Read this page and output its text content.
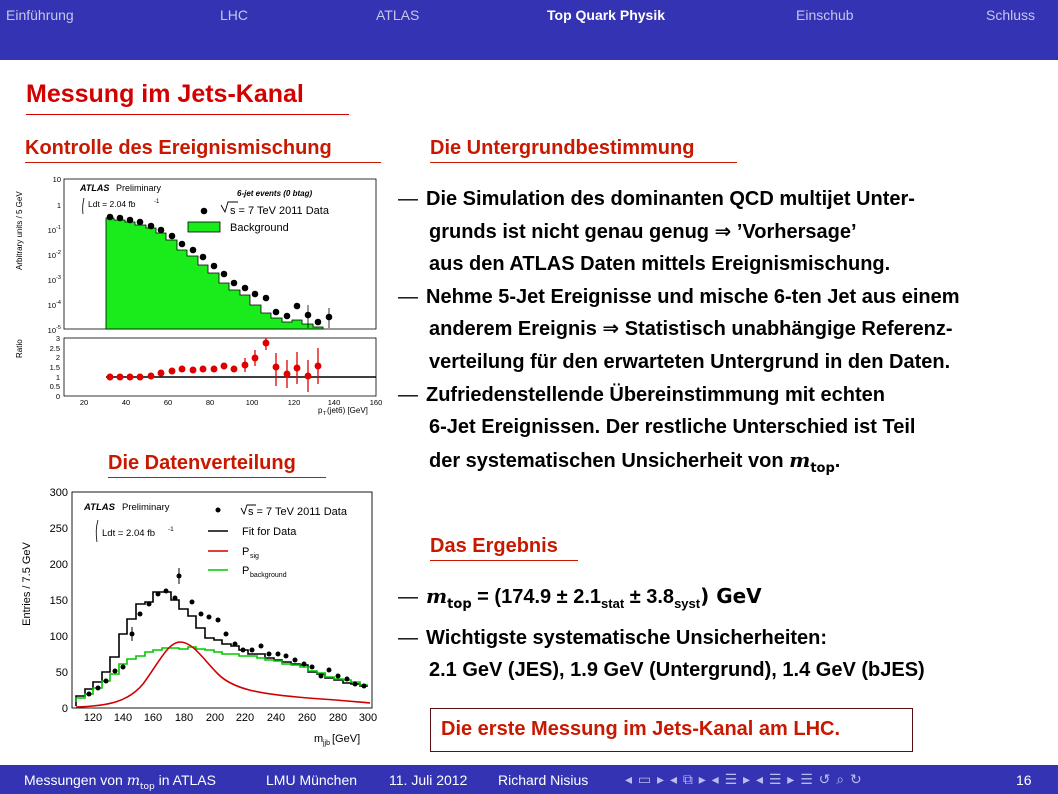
Einführung	LHC	ATLAS	Top Quark Physik	Einschub	Schluss
Messung im Jets-Kanal
Kontrolle des Ereignismischung
Die Datenverteilung
Die Untergrundbestimmung
Das Ergebnis
Arbitrary units / 5 GeV
Ratio
10
1
10
10
10
10
10
-1
-2
-3
-4
-5
ATLAS Preliminary
Ldt = 2.04 fb	-1
6-jet events (0 btag)
s = 7 TeV 2011 Data
Background
3
2.5
2
1.5
1
0.5
0
20	40	60	80	100	120	140	160
p T (jet6) [GeV]
Entries / 7.5 GeV
300
250
200
150
100
50
0
ATLAS Preliminary
Ldt = 2.04 fb -1
s = 7 TeV 2011 Data
Fit for Data
P sig
P background
120 140 160 180 200 220 240 260 280 300
m jjb [GeV]
— Die Simulation des dominanten QCD multijet Unter-
grunds ist nicht genau genug ⇒ ’Vorhersage’
aus den ATLAS Daten mittels Ereignismischung.
— Nehme 5-Jet Ereignisse und mische 6-ten Jet aus einem
anderem Ereignis ⇒ Statistisch unabhängige Referenz-
verteilung für den erwarteten Untergrund in den Daten.
— Zufriedenstellende Übereinstimmung mit echten
6-Jet Ereignissen. Der restliche Unterschied ist Teil
der systematischen Unsicherheit von $m_{top}$.
— $m_{top} = (174.9 \pm 2.1_{stat} \pm 3.8_{syst})$ GeV
— Wichtigste systematische Unsicherheiten:
2.1 GeV (JES), 1.9 GeV (Untergrund), 1.4 GeV (bJES)
Die erste Messung im Jets-Kanal am LHC.
Messungen von $m_{top}$ in ATLAS	LMU München 11. Juli 2012 Richard Nisius	◂ ▭ ▸ ◂ ⧉ ▸ ◂ ☰ ▸ ◂ ☰ ▸ ☰ ↺ ⌕ ↻	16
